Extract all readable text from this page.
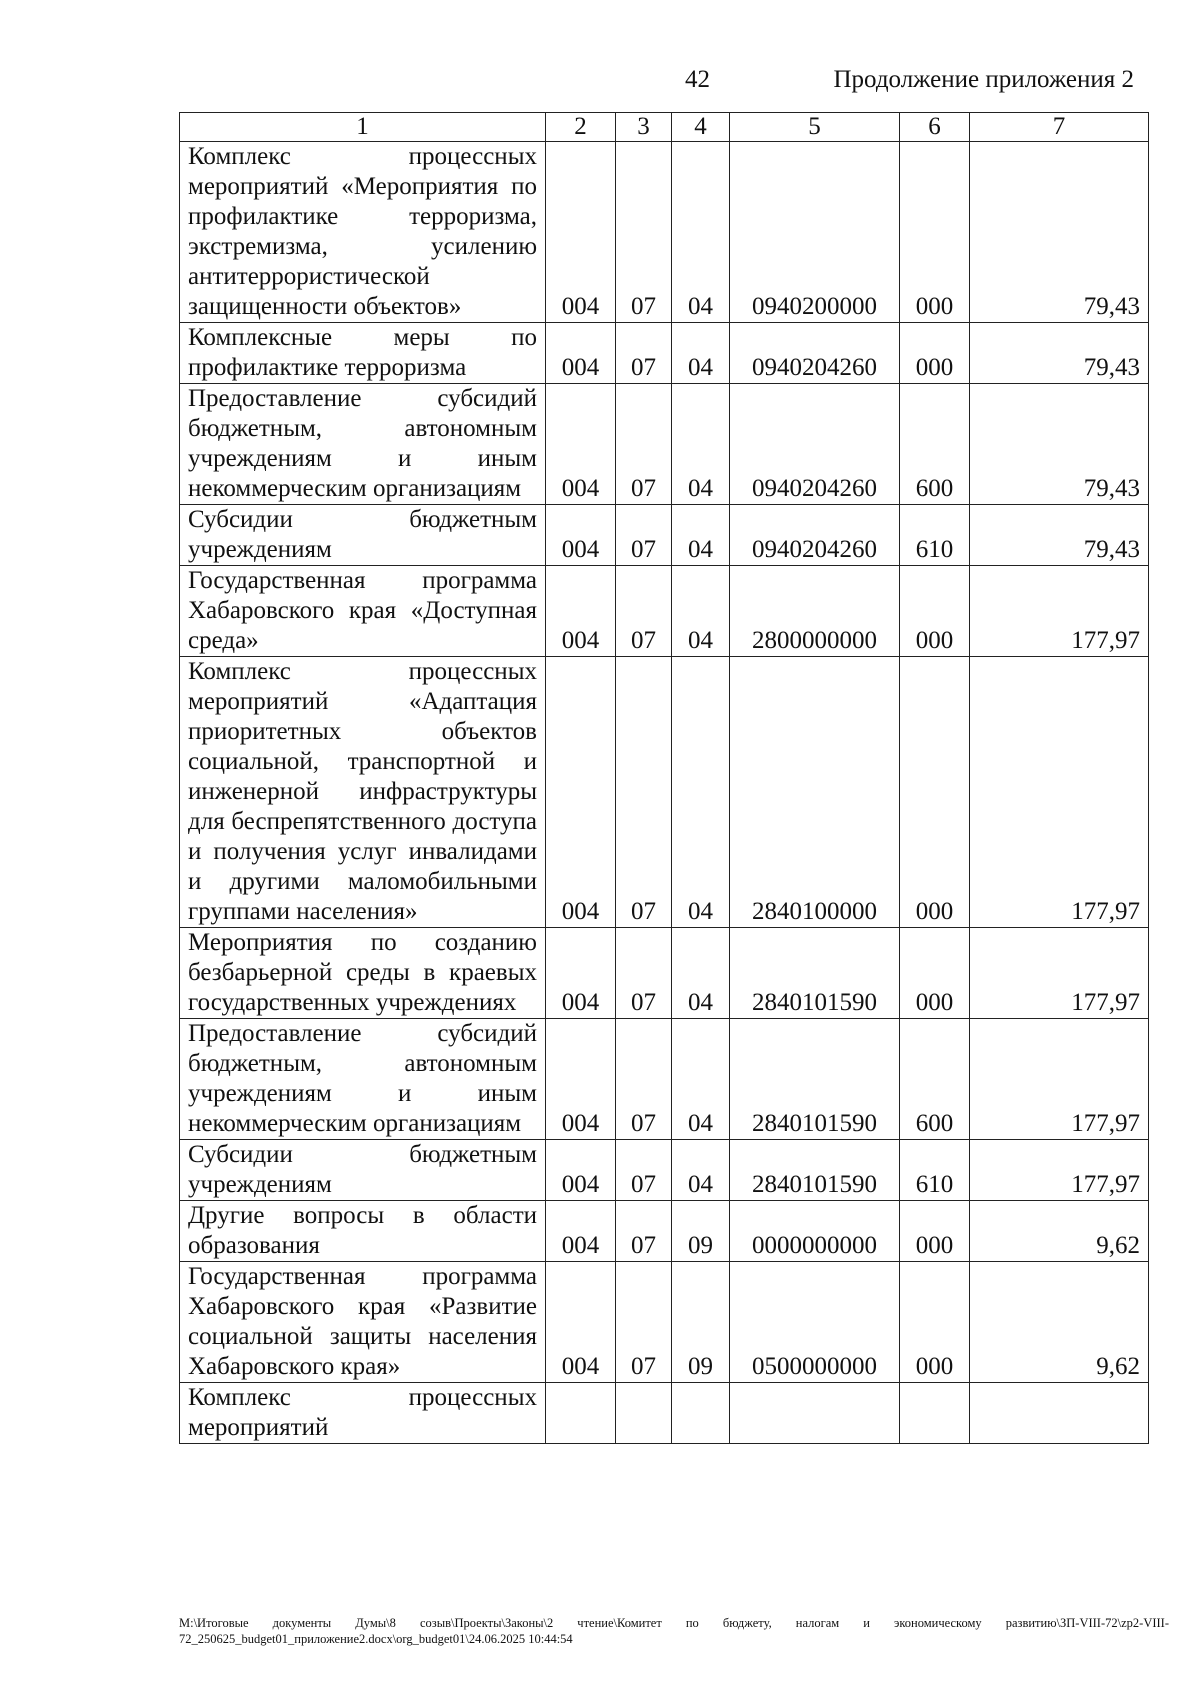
42	Продолжение приложения 2
1	2	3	4	5	6	7
Комплекс процессных мероприятий «Мероприятия по профилактике терроризма, экстремизма, усилению антитеррористической защищенности объектов»	004	07	04	0940200000	000	79,43
Комплексные меры по профилактике терроризма	004	07	04	0940204260	000	79,43
Предоставление субсидий бюджетным, автономным учреждениям и иным некоммерческим организациям	004	07	04	0940204260	600	79,43
Субсидии бюджетным учреждениям	004	07	04	0940204260	610	79,43
Государственная программа Хабаровского края «Доступная среда»	004	07	04	2800000000	000	177,97
Комплекс процессных мероприятий «Адаптация приоритетных объектов социальной, транспортной и инженерной инфраструктуры для беспрепятственного доступа и получения услуг инвалидами и другими маломобильными группами населения»	004	07	04	2840100000	000	177,97
Мероприятия по созданию безбарьерной среды в краевых государственных учреждениях	004	07	04	2840101590	000	177,97
Предоставление субсидий бюджетным, автономным учреждениям и иным некоммерческим организациям	004	07	04	2840101590	600	177,97
Субсидии бюджетным учреждениям	004	07	04	2840101590	610	177,97
Другие вопросы в области образования	004	07	09	0000000000	000	9,62
Государственная программа Хабаровского края «Развитие социальной защиты населения Хабаровского края»	004	07	09	0500000000	000	9,62
Комплекс процессных мероприятий						
M:\Итоговые документы Думы\8 созыв\Проекты\Законы\2 чтение\Комитет по бюджету, налогам и экономическому развитию\ЗП-VIII-72\zp2-VIII-72_250625_budget01_приложение2.docx\org_budget01\24.06.2025 10:44:54
